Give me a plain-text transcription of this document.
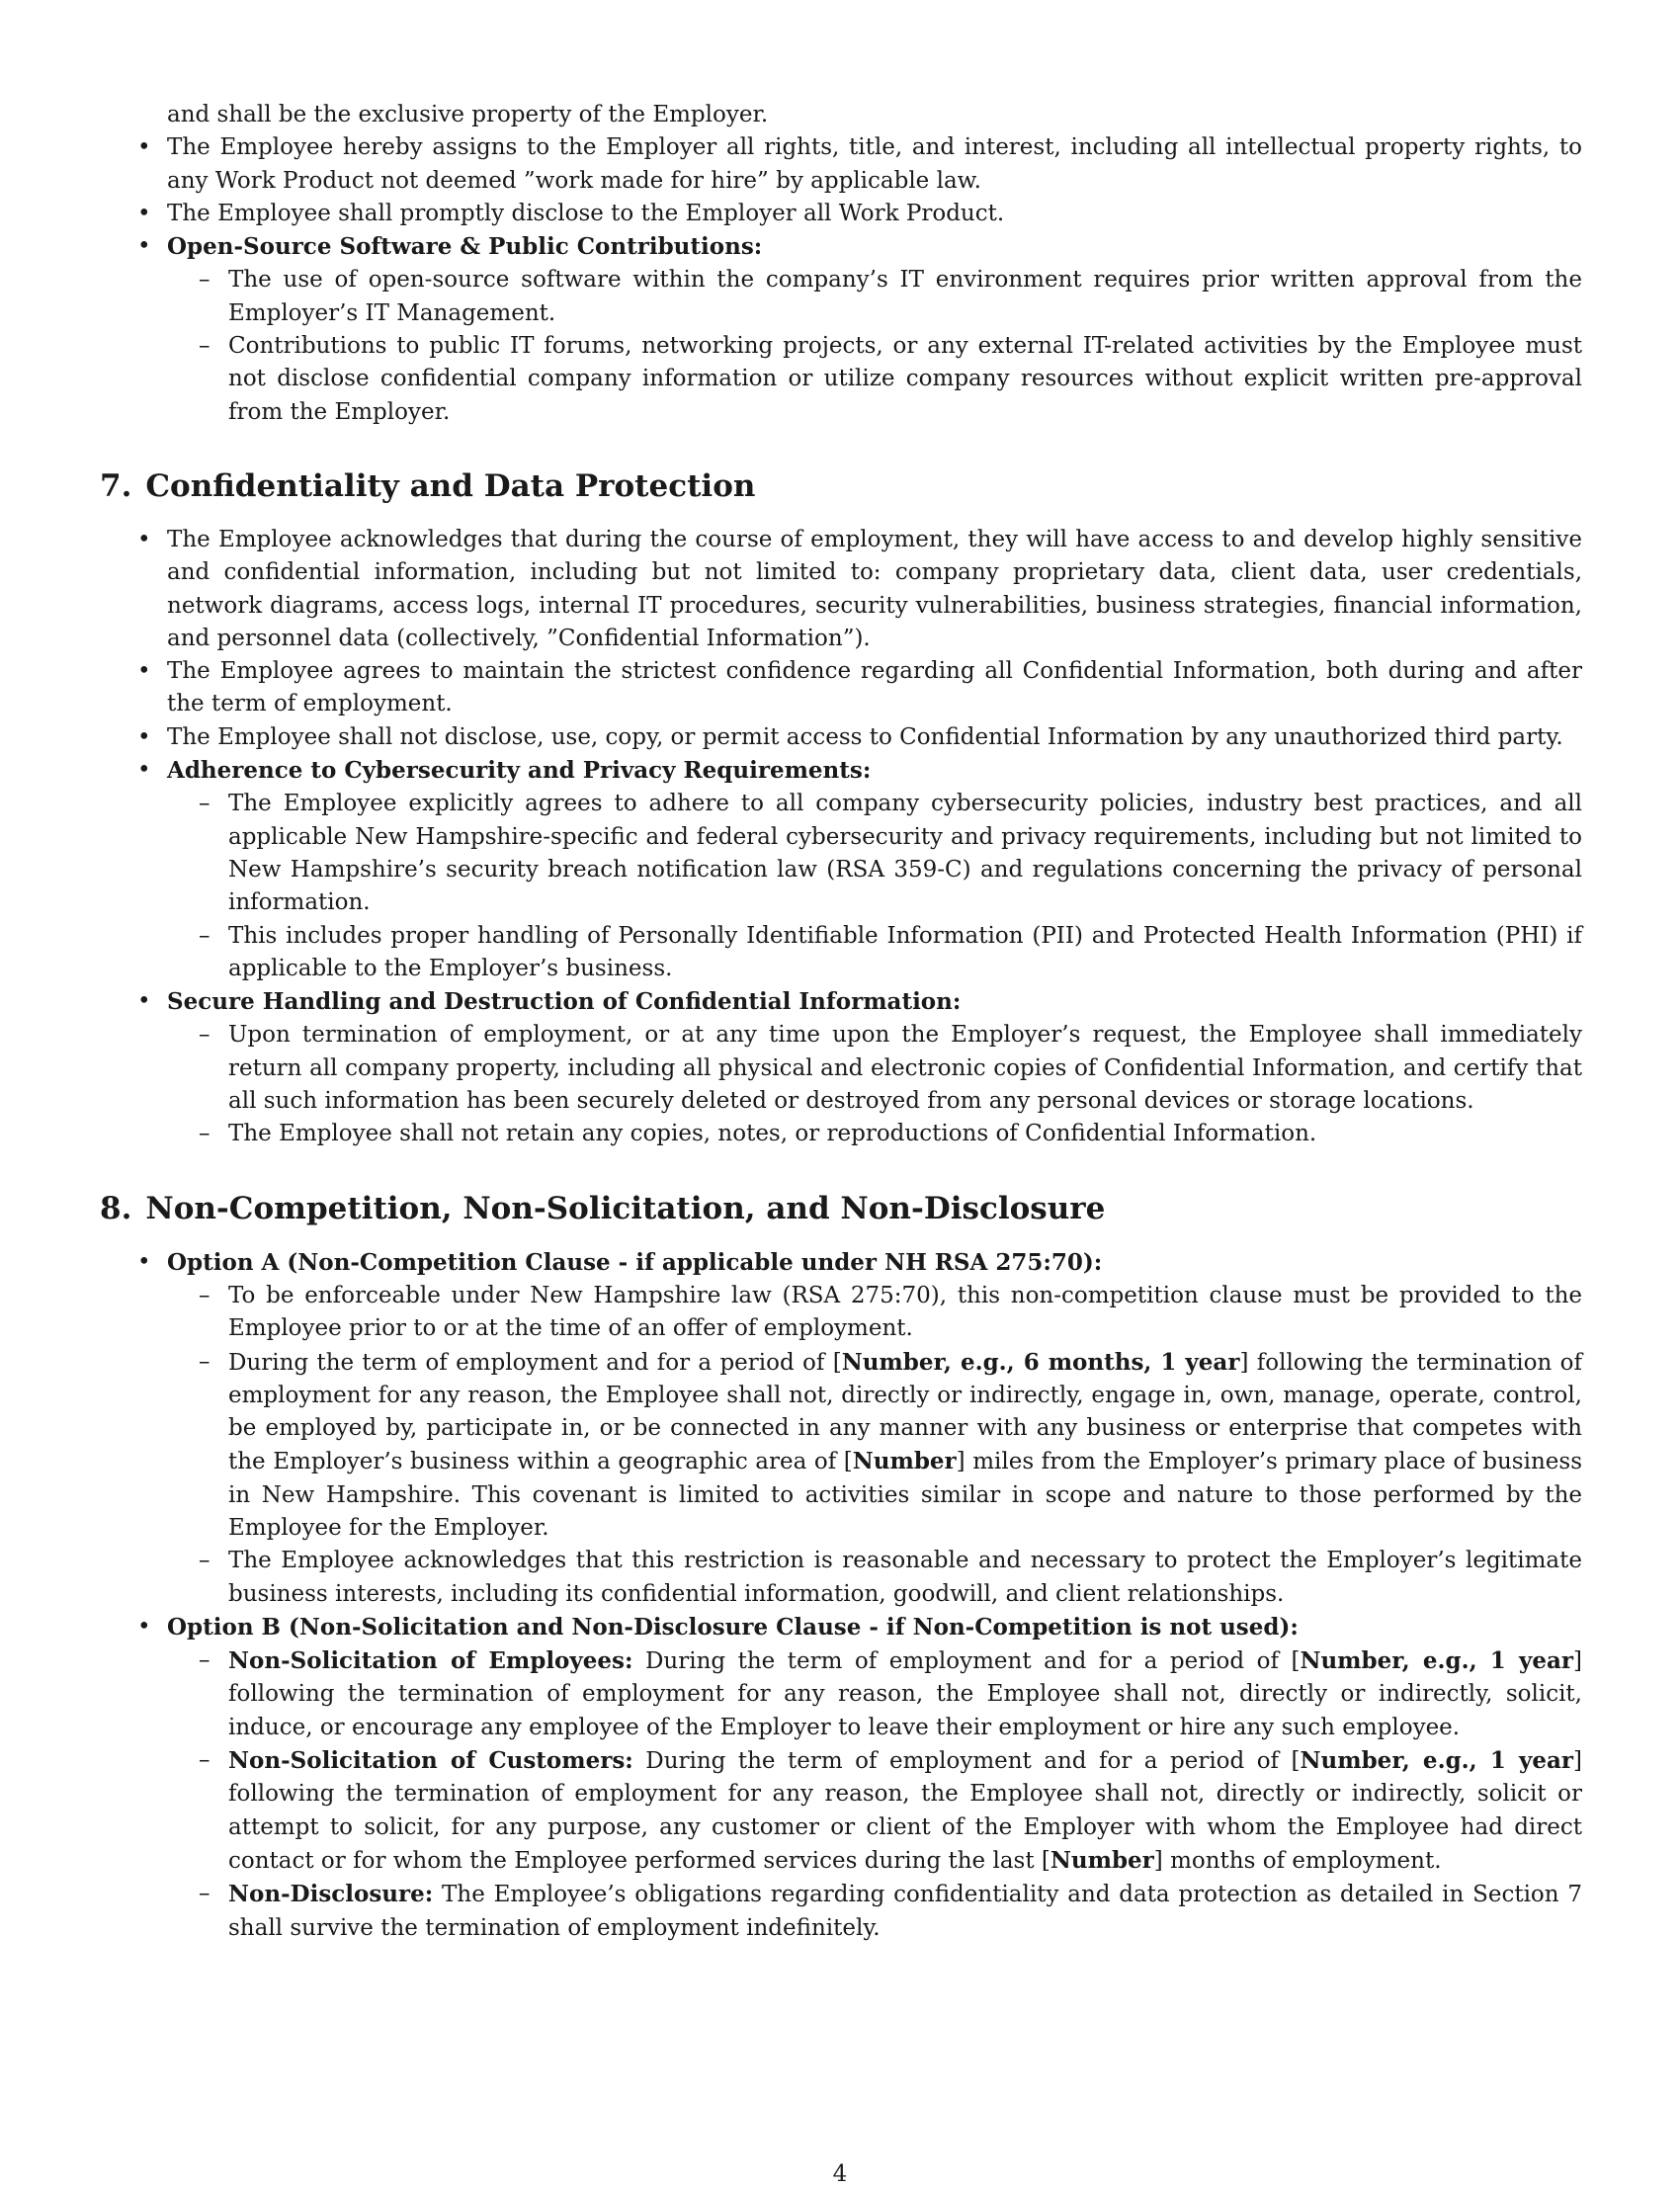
and shall be the exclusive property of the Employer.
• The Employee hereby assigns to the Employer all rights, title, and interest, including all intellectual property rights, to any Work Product not deemed ”work made for hire” by applicable law.
• The Employee shall promptly disclose to the Employer all Work Product.
• Open-Source Software & Public Contributions:
– The use of open-source software within the company’s IT environment requires prior written approval from the Employer’s IT Management.
– Contributions to public IT forums, networking projects, or any external IT-related activities by the Employee must not disclose confidential company information or utilize company resources without explicit written pre-approval from the Employer.
7. Confidentiality and Data Protection
• The Employee acknowledges that during the course of employment, they will have access to and develop highly sensitive and confidential information, including but not limited to: company proprietary data, client data, user credentials, network diagrams, access logs, internal IT procedures, security vulnerabilities, business strategies, financial information, and personnel data (collectively, ”Confidential Information”).
• The Employee agrees to maintain the strictest confidence regarding all Confidential Information, both during and after the term of employment.
• The Employee shall not disclose, use, copy, or permit access to Confidential Information by any unauthorized third party.
• Adherence to Cybersecurity and Privacy Requirements:
– The Employee explicitly agrees to adhere to all company cybersecurity policies, industry best practices, and all applicable New Hampshire-specific and federal cybersecurity and privacy requirements, including but not limited to New Hampshire’s security breach notification law (RSA 359-C) and regulations concerning the privacy of personal information.
– This includes proper handling of Personally Identifiable Information (PII) and Protected Health Information (PHI) if applicable to the Employer’s business.
• Secure Handling and Destruction of Confidential Information:
– Upon termination of employment, or at any time upon the Employer’s request, the Employee shall immediately return all company property, including all physical and electronic copies of Confidential Information, and certify that all such information has been securely deleted or destroyed from any personal devices or storage locations.
– The Employee shall not retain any copies, notes, or reproductions of Confidential Information.
8. Non-Competition, Non-Solicitation, and Non-Disclosure
• Option A (Non-Competition Clause - if applicable under NH RSA 275:70):
– To be enforceable under New Hampshire law (RSA 275:70), this non-competition clause must be provided to the Employee prior to or at the time of an offer of employment.
– During the term of employment and for a period of [Number, e.g., 6 months, 1 year] following the termination of employment for any reason, the Employee shall not, directly or indirectly, engage in, own, manage, operate, control, be employed by, participate in, or be connected in any manner with any business or enterprise that competes with the Employer’s business within a geographic area of [Number] miles from the Employer’s primary place of business in New Hampshire. This covenant is limited to activities similar in scope and nature to those performed by the Employee for the Employer.
– The Employee acknowledges that this restriction is reasonable and necessary to protect the Employer’s legitimate business interests, including its confidential information, goodwill, and client relationships.
• Option B (Non-Solicitation and Non-Disclosure Clause - if Non-Competition is not used):
– Non-Solicitation of Employees: During the term of employment and for a period of [Number, e.g., 1 year] following the termination of employment for any reason, the Employee shall not, directly or indirectly, solicit, induce, or encourage any employee of the Employer to leave their employment or hire any such employee.
– Non-Solicitation of Customers: During the term of employment and for a period of [Number, e.g., 1 year] following the termination of employment for any reason, the Employee shall not, directly or indirectly, solicit or attempt to solicit, for any purpose, any customer or client of the Employer with whom the Employee had direct contact or for whom the Employee performed services during the last [Number] months of employment.
– Non-Disclosure: The Employee’s obligations regarding confidentiality and data protection as detailed in Section 7 shall survive the termination of employment indefinitely.
4
